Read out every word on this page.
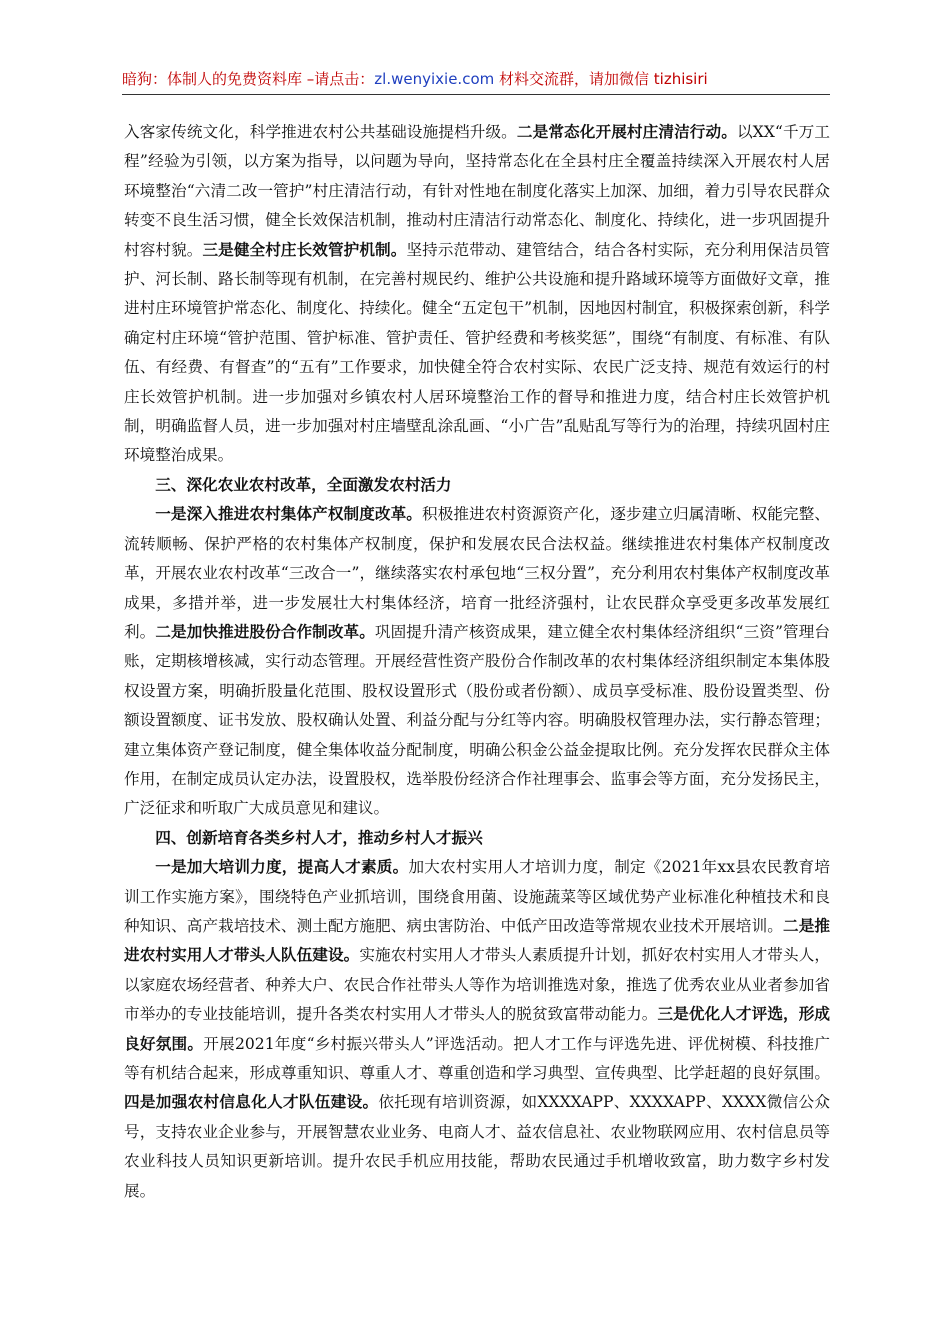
暗狗：体制人的免费资料库 –请点击：zl.wenyixie.com 材料交流群，请加微信 tizhisiri

入客家传统文化，科学推进农村公共基础设施提档升级。二是常态化开展村庄清洁行动。以XX“千万工程”经验为引领，以方案为指导，以问题为导向，坚持常态化在全县村庄全覆盖持续深入开展农村人居环境整治“六清二改一管护”村庄清洁行动，有针对性地在制度化落实上加深、加细，着力引导农民群众转变不良生活习惯，健全长效保洁机制，推动村庄清洁行动常态化、制度化、持续化，进一步巩固提升村容村貌。三是健全村庄长效管护机制。坚持示范带动、建管结合，结合各村实际，充分利用保洁员管护、河长制、路长制等现有机制，在完善村规民约、维护公共设施和提升路域环境等方面做好文章，推进村庄环境管护常态化、制度化、持续化。健全“五定包干”机制，因地因村制宜，积极探索创新，科学确定村庄环境“管护范围、管护标准、管护责任、管护经费和考核奖惩”，围绕“有制度、有标准、有队伍、有经费、有督查”的“五有”工作要求，加快健全符合农村实际、农民广泛支持、规范有效运行的村庄长效管护机制。进一步加强对乡镇农村人居环境整治工作的督导和推进力度，结合村庄长效管护机制，明确监督人员，进一步加强对村庄墙壁乱涂乱画、“小广告”乱贴乱写等行为的治理，持续巩固村庄环境整治成果。

三、深化农业农村改革，全面激发农村活力

一是深入推进农村集体产权制度改革。积极推进农村资源资产化，逐步建立归属清晰、权能完整、流转顺畅、保护严格的农村集体产权制度，保护和发展农民合法权益。继续推进农村集体产权制度改革，开展农业农村改革“三改合一”，继续落实农村承包地“三权分置”，充分利用农村集体产权制度改革成果，多措并举，进一步发展壮大村集体经济，培育一批经济强村，让农民群众享受更多改革发展红利。二是加快推进股份合作制改革。巩固提升清产核资成果，建立健全农村集体经济组织“三资”管理台账，定期核增核减，实行动态管理。开展经营性资产股份合作制改革的农村集体经济组织制定本集体股权设置方案，明确折股量化范围、股权设置形式（股份或者份额）、成员享受标准、股份设置类型、份额设置额度、证书发放、股权确认处置、利益分配与分红等内容。明确股权管理办法，实行静态管理；建立集体资产登记制度，健全集体收益分配制度，明确公积金公益金提取比例。充分发挥农民群众主体作用，在制定成员认定办法，设置股权，选举股份经济合作社理事会、监事会等方面，充分发扬民主，广泛征求和听取广大成员意见和建议。

四、创新培育各类乡村人才，推动乡村人才振兴

一是加大培训力度，提高人才素质。加大农村实用人才培训力度，制定《2021年xx县农民教育培训工作实施方案》，围绕特色产业抓培训，围绕食用菌、设施蔬菜等区域优势产业标准化种植技术和良种知识、高产栽培技术、测土配方施肥、病虫害防治、中低产田改造等常规农业技术开展培训。二是推进农村实用人才带头人队伍建设。实施农村实用人才带头人素质提升计划，抓好农村实用人才带头人，以家庭农场经营者、种养大户、农民合作社带头人等作为培训推选对象，推选了优秀农业从业者参加省市举办的专业技能培训，提升各类农村实用人才带头人的脱贫致富带动能力。三是优化人才评选，形成良好氛围。开展2021年度“乡村振兴带头人”评选活动。把人才工作与评选先进、评优树模、科技推广等有机结合起来，形成尊重知识、尊重人才、尊重创造和学习典型、宣传典型、比学赶超的良好氛围。四是加强农村信息化人才队伍建设。依托现有培训资源，如XXXXAPP、XXXXAPP、XXXX微信公众号，支持农业企业参与，开展智慧农业业务、电商人才、益农信息社、农业物联网应用、农村信息员等农业科技人员知识更新培训。提升农民手机应用技能，帮助农民通过手机增收致富，助力数字乡村发展。
